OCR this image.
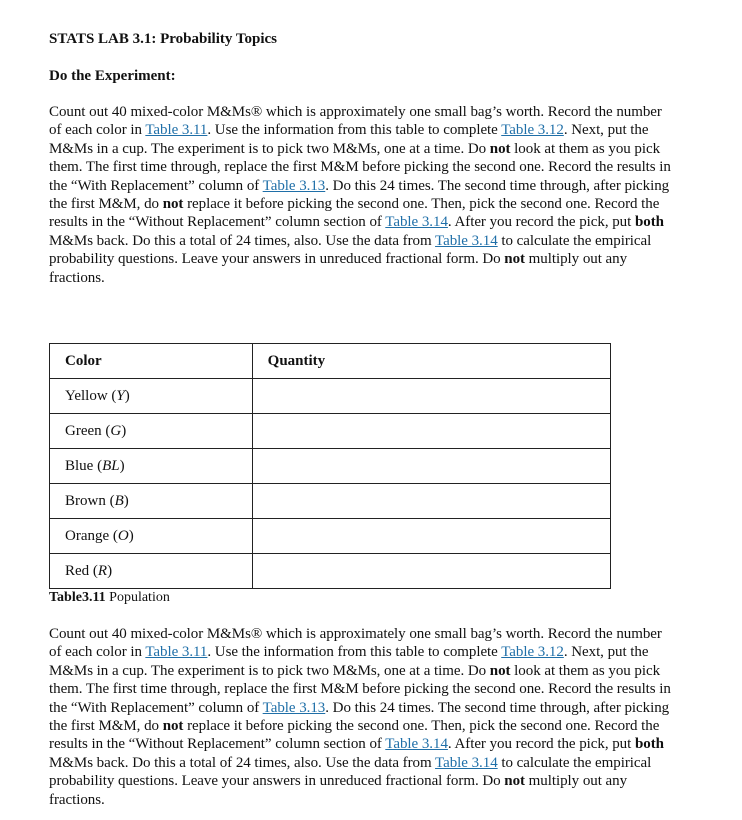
STATS LAB 3.1: Probability Topics
Do the Experiment:
Count out 40 mixed-color M&Ms® which is approximately one small bag’s worth. Record the number of each color in Table 3.11. Use the information from this table to complete Table 3.12. Next, put the M&Ms in a cup. The experiment is to pick two M&Ms, one at a time. Do not look at them as you pick them. The first time through, replace the first M&M before picking the second one. Record the results in the “With Replacement” column of Table 3.13. Do this 24 times. The second time through, after picking the first M&M, do not replace it before picking the second one. Then, pick the second one. Record the results in the “Without Replacement” column section of Table 3.14. After you record the pick, put both M&Ms back. Do this a total of 24 times, also. Use the data from Table 3.14 to calculate the empirical probability questions. Leave your answers in unreduced fractional form. Do not multiply out any fractions.
Color	Quantity
Yellow (Y)	
Green (G)	
Blue (BL)	
Brown (B)	
Orange (O)	
Red (R)	
Table3.11 Population
Count out 40 mixed-color M&Ms® which is approximately one small bag’s worth. Record the number of each color in Table 3.11. Use the information from this table to complete Table 3.12. Next, put the M&Ms in a cup. The experiment is to pick two M&Ms, one at a time. Do not look at them as you pick them. The first time through, replace the first M&M before picking the second one. Record the results in the “With Replacement” column of Table 3.13. Do this 24 times. The second time through, after picking the first M&M, do not replace it before picking the second one. Then, pick the second one. Record the results in the “Without Replacement” column section of Table 3.14. After you record the pick, put both M&Ms back. Do this a total of 24 times, also. Use the data from Table 3.14 to calculate the empirical probability questions. Leave your answers in unreduced fractional form. Do not multiply out any fractions.
